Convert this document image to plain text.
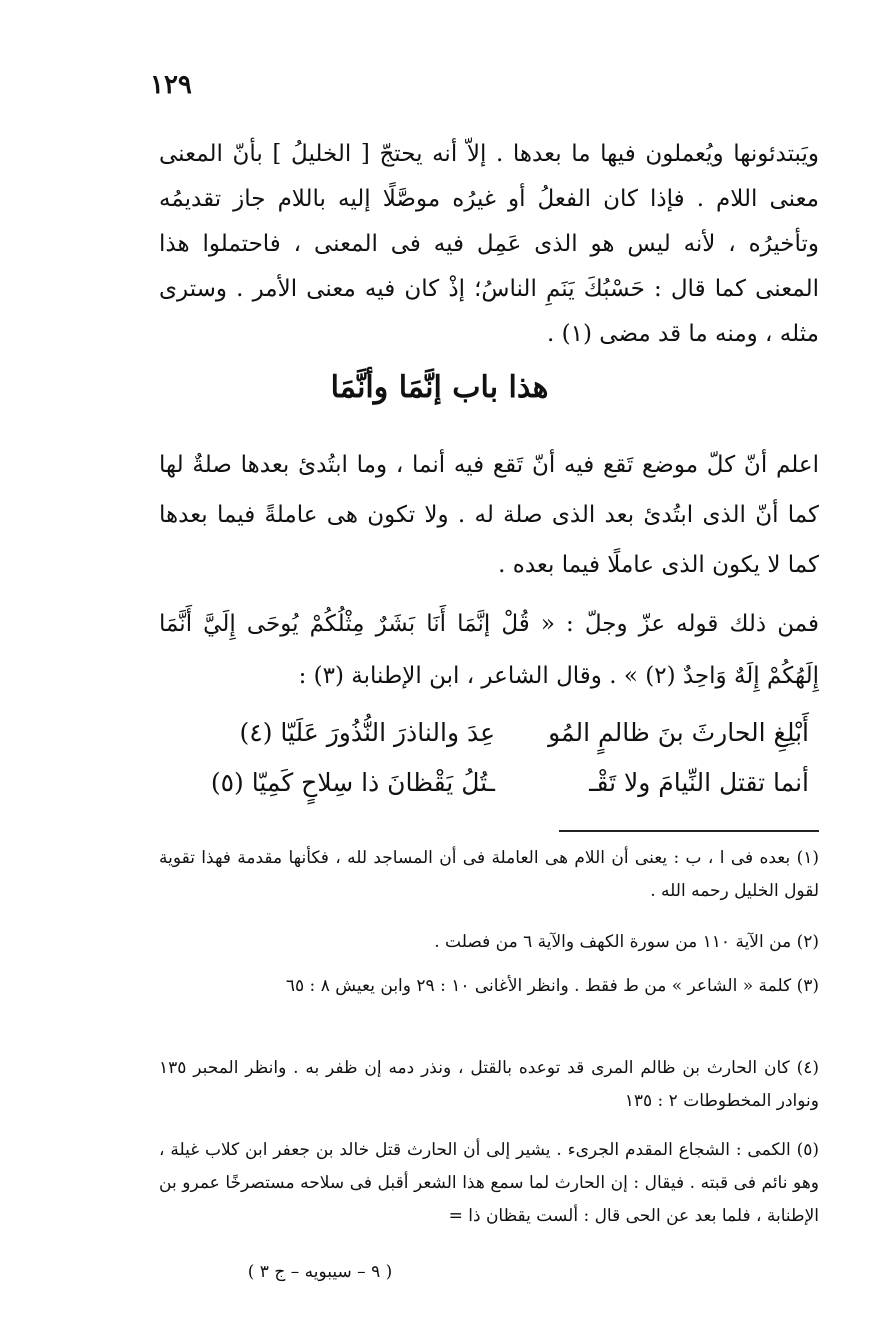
١٢٩

ويَبتدئونها ويُعملون فيها ما بعدها . إلاّ أنه يحتجّ [ الخليلُ ] بأنّ المعنى معنى اللام . فإذا كان الفعلُ أو غيرُه موصَّلًا إليه باللام جاز تقديمُه وتأخيرُه ، لأنه ليس هو الذى عَمِل فيه فى المعنى ، فاحتملوا هذا المعنى كما قال : حَسْبُكَ يَنَمِ الناسُ؛ إذْ كان فيه معنى الأمر . وسترى مثله ، ومنه ما قد مضى (١) .

هذا باب إنَّمَا وأنَّمَا

اعلم أنّ كلّ موضع تَقع فيه أنّ تَقع فيه أنما ، وما ابتُدئ بعدها صلةٌ لها كما أنّ الذى ابتُدئ بعد الذى صلة له . ولا تكون هى عاملةً فيما بعدها كما لا يكون الذى عاملًا فيما بعده .

فمن ذلك قوله عزّ وجلّ : « قُلْ إنَّمَا أَنَا بَشَرٌ مِثْلُكُمْ يُوحَى إِلَيَّ أَنَّمَا إِلَهُكُمْ إِلَهٌ وَاحِدٌ (٢) » . وقال الشاعر ، ابن الإطنابة (٣) :

أَبْلِغِ الحارثَ بنَ ظالمٍ المُوعِدَ والناذرَ النُّذُورَ عَلَيّا (٤)
أنما تقتل النِّيامَ ولا تَقْــتُلُ يَقْظانَ ذا سِلاحٍ كَمِيّا (٥)

(١) بعده فى ا ، ب : يعنى أن اللام هى العاملة فى أن المساجد لله ، فكأنها مقدمة فهذا تقوية لقول الخليل رحمه الله .

(٢) من الآية ١١٠ من سورة الكهف والآية ٦ من فصلت .

(٣) كلمة « الشاعر » من ط فقط . وانظر الأغانى ١٠ : ٢٩ وابن يعيش ٨ : ٦٥

(٤) كان الحارث بن ظالم المرى قد توعده بالقتل ، ونذر دمه إن ظفر به . وانظر المحبر ١٣٥ ونوادر المخطوطات ٢ : ١٣٥

(٥) الكمى : الشجاع المقدم الجرىء . يشير إلى أن الحارث قتل خالد بن جعفر ابن كلاب غيلة ، وهو نائم فى قبته . فيقال : إن الحارث لما سمع هذا الشعر أقبل فى سلاحه مستصرخًا عمرو بن الإطنابة ، فلما بعد عن الحى قال : ألست يقظان ذا =

( ٩ – سيبويه – ج ٣ )
